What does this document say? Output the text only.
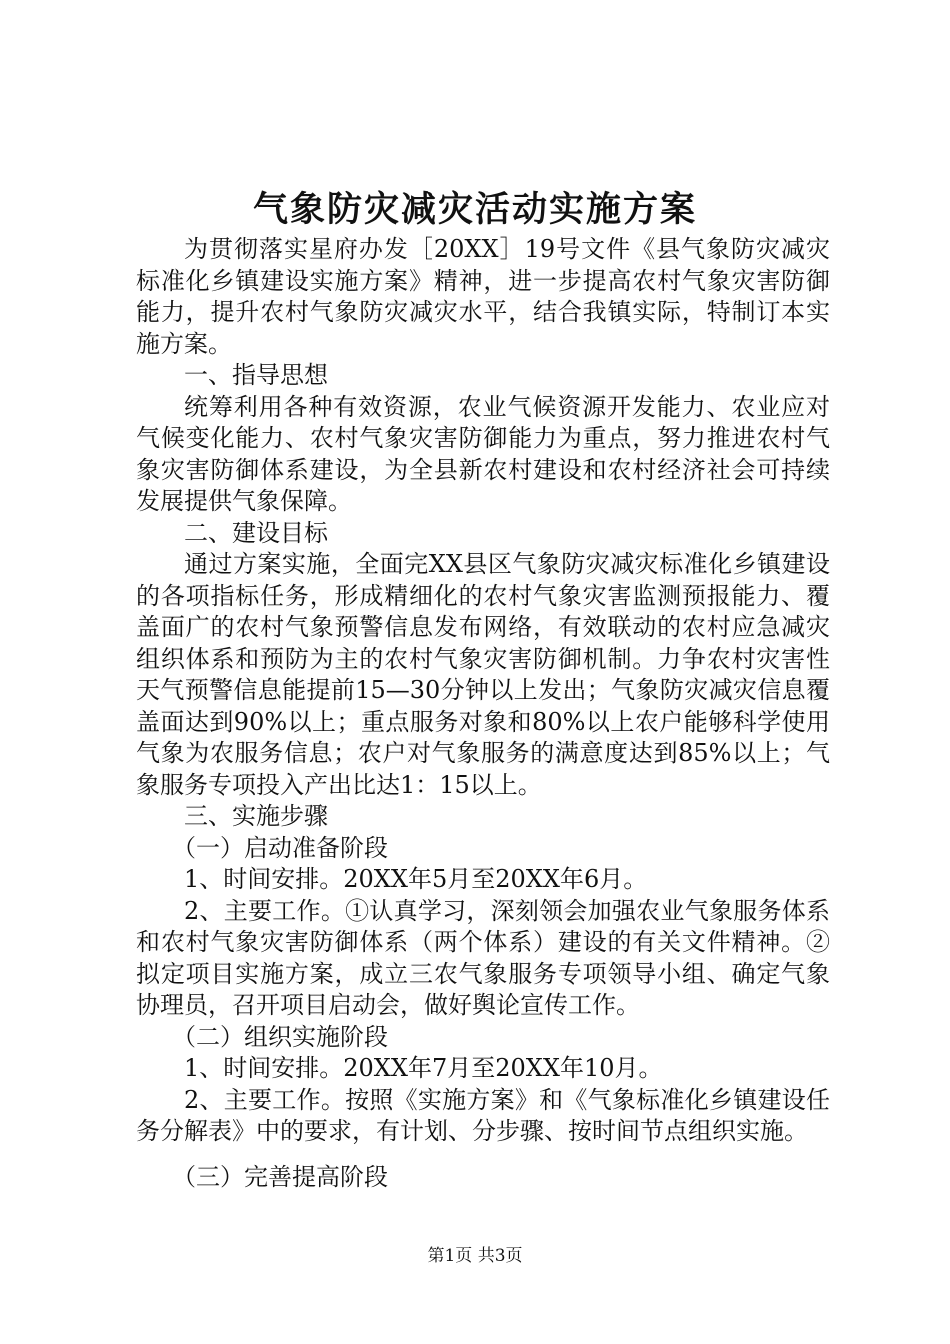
气象防灾减灾活动实施方案

为贯彻落实星府办发［20XX］19号文件《县气象防灾减灾标准化乡镇建设实施方案》精神，进一步提高农村气象灾害防御能力，提升农村气象防灾减灾水平，结合我镇实际，特制订本实施方案。

一、指导思想

统筹利用各种有效资源，农业气候资源开发能力、农业应对气候变化能力、农村气象灾害防御能力为重点，努力推进农村气象灾害防御体系建设，为全县新农村建设和农村经济社会可持续发展提供气象保障。

二、建设目标

通过方案实施，全面完XX县区气象防灾减灾标准化乡镇建设的各项指标任务，形成精细化的农村气象灾害监测预报能力、覆盖面广的农村气象预警信息发布网络，有效联动的农村应急减灾组织体系和预防为主的农村气象灾害防御机制。力争农村灾害性天气预警信息能提前15—30分钟以上发出；气象防灾减灾信息覆盖面达到90%以上；重点服务对象和80%以上农户能够科学使用气象为农服务信息；农户对气象服务的满意度达到85%以上；气象服务专项投入产出比达1：15以上。

三、实施步骤

（一）启动准备阶段

1、时间安排。20XX年5月至20XX年6月。

2、主要工作。①认真学习，深刻领会加强农业气象服务体系和农村气象灾害防御体系（两个体系）建设的有关文件精神。②拟定项目实施方案，成立三农气象服务专项领导小组、确定气象协理员，召开项目启动会，做好舆论宣传工作。

（二）组织实施阶段

1、时间安排。20XX年7月至20XX年10月。

2、主要工作。按照《实施方案》和《气象标准化乡镇建设任务分解表》中的要求，有计划、分步骤、按时间节点组织实施。

（三）完善提高阶段

第1页 共3页
